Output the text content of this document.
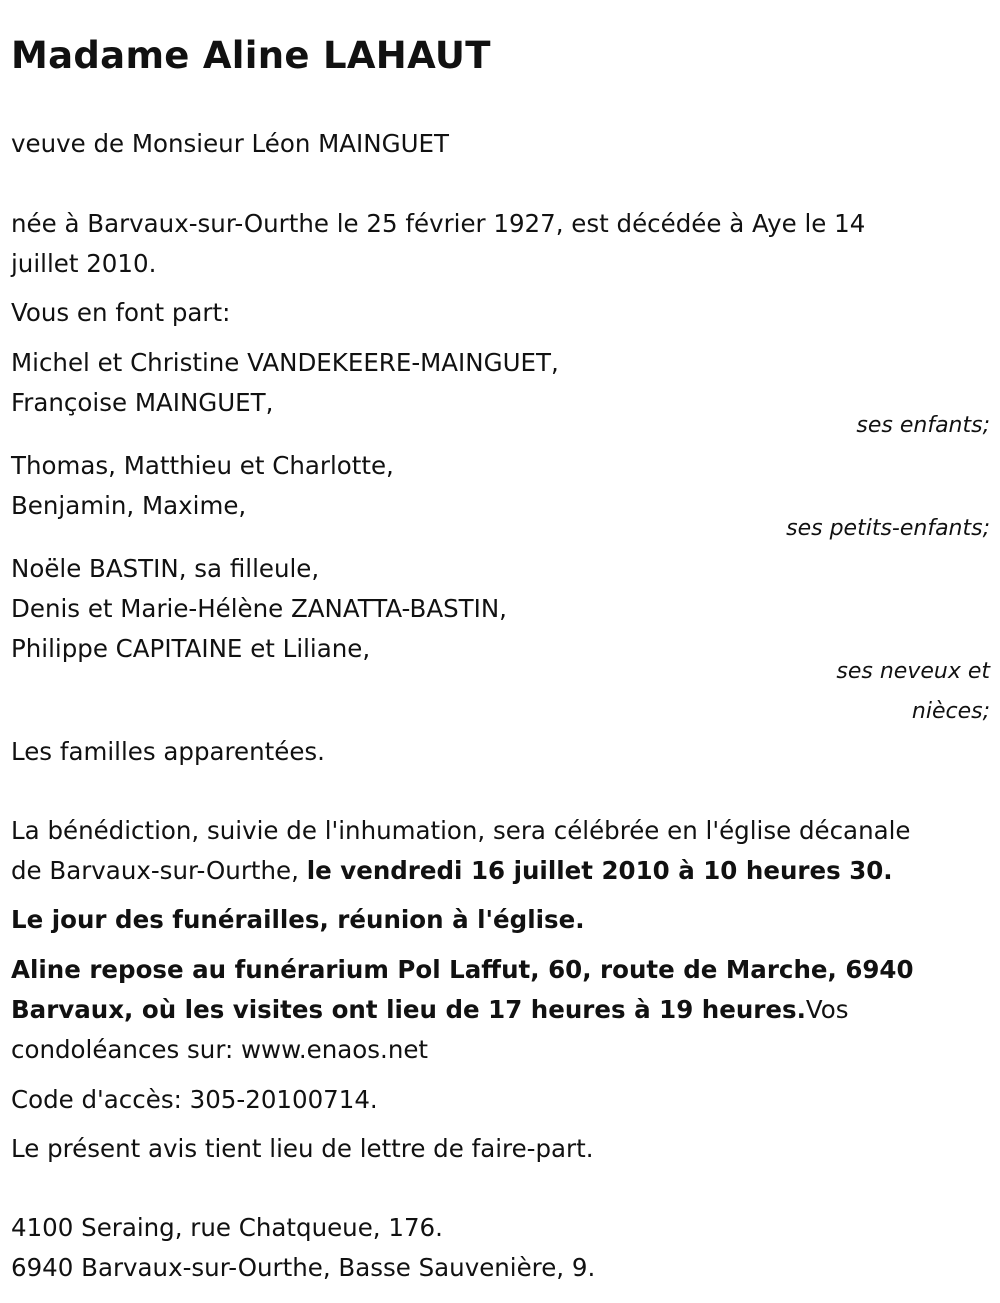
Madame Aline LAHAUT

veuve de Monsieur Léon MAINGUET

née à Barvaux-sur-Ourthe le 25 février 1927, est décédée à Aye le 14

juillet 2010.

Vous en font part:

Michel et Christine VANDEKEERE-MAINGUET,

Françoise MAINGUET,

ses enfants;

Thomas, Matthieu et Charlotte,

Benjamin, Maxime,

ses petits-enfants;

Noële BASTIN, sa filleule,

Denis et Marie-Hélène ZANATTA-BASTIN,

Philippe CAPITAINE et Liliane,

ses neveux et

nièces;

Les familles apparentées.

La bénédiction, suivie de l'inhumation, sera célébrée en l'église décanale

de Barvaux-sur-Ourthe, le vendredi 16 juillet 2010 à 10 heures 30.

Le jour des funérailles, réunion à l'église.

Aline repose au funérarium Pol Laffut, 60, route de Marche, 6940

Barvaux, où les visites ont lieu de 17 heures à 19 heures.Vos

condoléances sur: www.enaos.net

Code d'accès: 305-20100714.

Le présent avis tient lieu de lettre de faire-part.

4100 Seraing, rue Chatqueue, 176.

6940 Barvaux-sur-Ourthe, Basse Sauvenière, 9.
